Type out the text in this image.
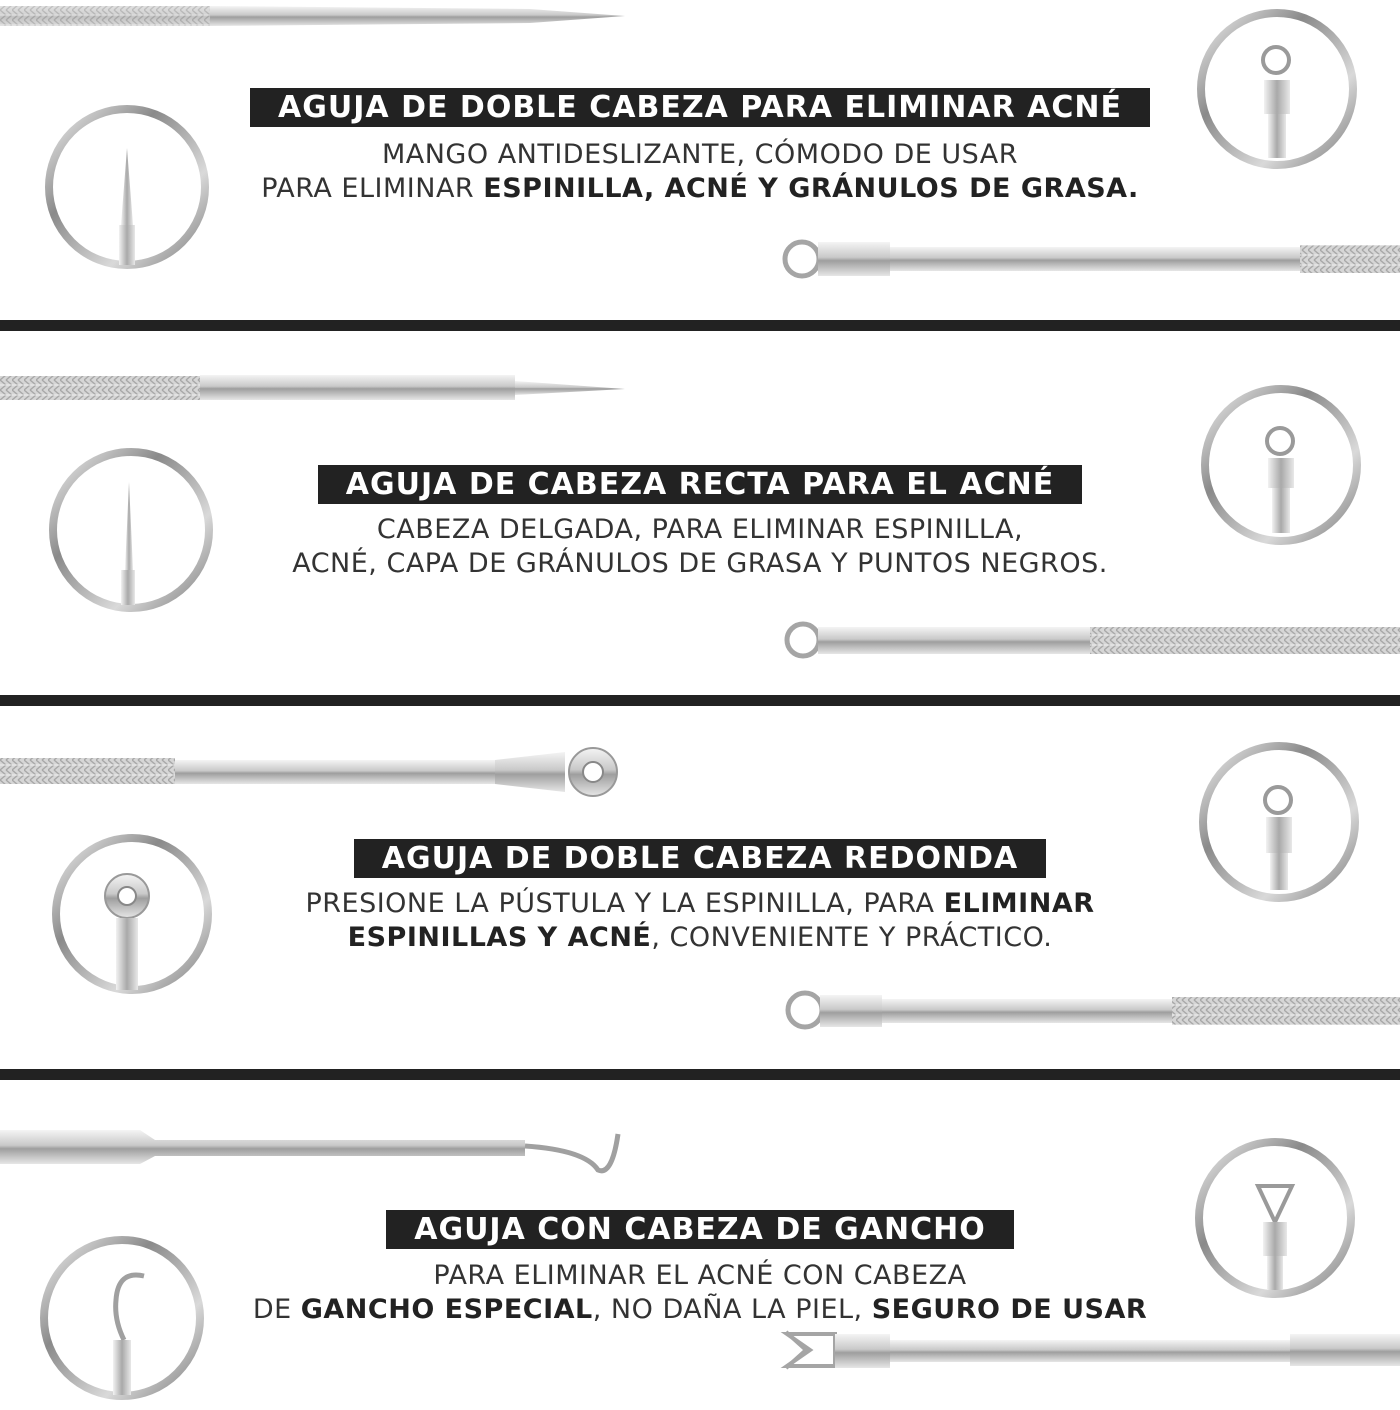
AGUJA DE DOBLE CABEZA PARA ELIMINAR ACNÉ
MANGO ANTIDESLIZANTE, CÓMODO DE USAR
PARA ELIMINAR ESPINILLA, ACNÉ Y GRÁNULOS DE GRASA.
AGUJA DE CABEZA RECTA PARA EL ACNÉ
CABEZA DELGADA, PARA ELIMINAR ESPINILLA,
ACNÉ, CAPA DE GRÁNULOS DE GRASA Y PUNTOS NEGROS.
AGUJA DE DOBLE CABEZA REDONDA
PRESIONE LA PÚSTULA Y LA ESPINILLA, PARA ELIMINAR
ESPINILLAS Y ACNÉ, CONVENIENTE Y PRÁCTICO.
AGUJA CON CABEZA DE GANCHO
PARA ELIMINAR EL ACNÉ CON CABEZA
DE GANCHO ESPECIAL, NO DAÑA LA PIEL, SEGURO DE USAR
